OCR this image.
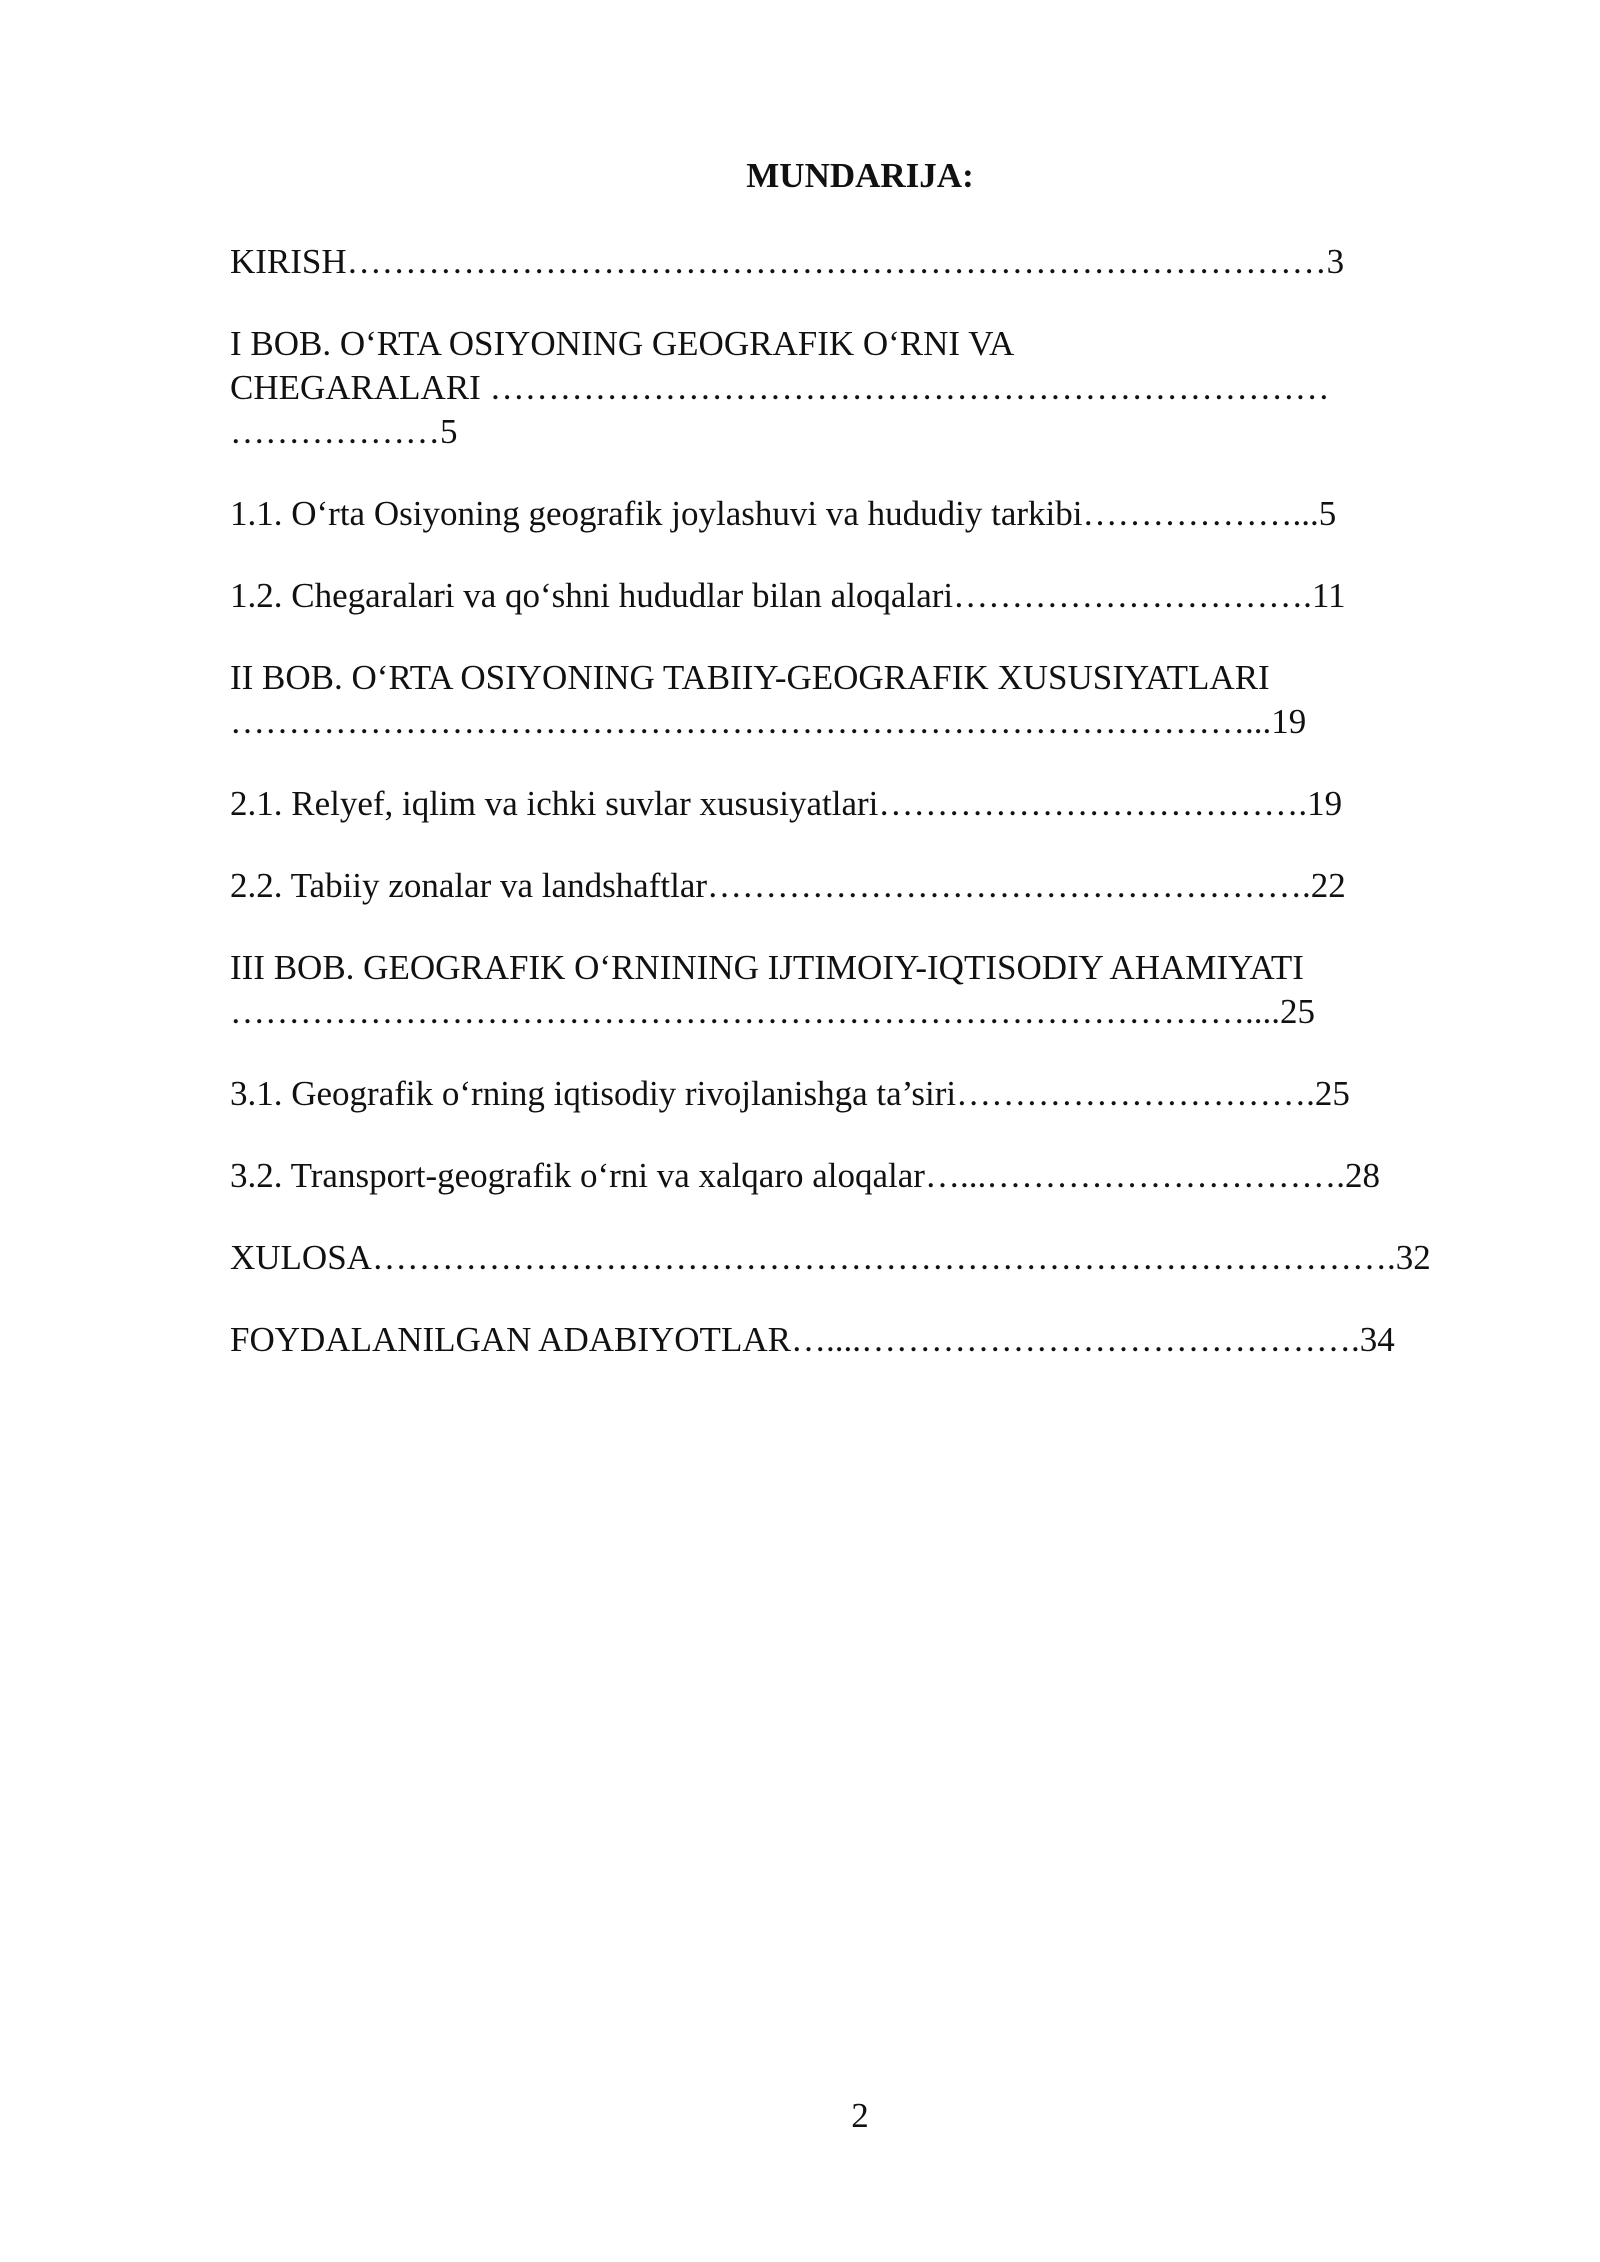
MUNDARIJA:

KIRISH…………………………………………………………………………3

I BOB. O‘RTA OSIYONING GEOGRAFIK O‘RNI VA

CHEGARALARI ………………………………………………………………

………………5

1.1. O‘rta Osiyoning geografik joylashuvi va hududiy tarkibi………………...5

1.2. Chegaralari va qo‘shni hududlar bilan aloqalari………………………….11

II BOB. O‘RTA OSIYONING TABIIY-GEOGRAFIK XUSUSIYATLARI

……………………………………………………………………………...19

2.1. Relyef, iqlim va ichki suvlar xususiyatlari……………………………….19

2.2. Tabiiy zonalar va landshaftlar…………………………………………….22

III BOB. GEOGRAFIK O‘RNINING IJTIMOIY-IQTISODIY AHAMIYATI

……………………………………………………………………………....25

3.1. Geografik o‘rning iqtisodiy rivojlanishga ta’siri………………………….25

3.2. Transport-geografik o‘rni va xalqaro aloqalar…...………………………….28

XULOSA…………………………………………………………………………….32

FOYDALANILGAN ADABIYOTLAR…....…………………………………….34

2
